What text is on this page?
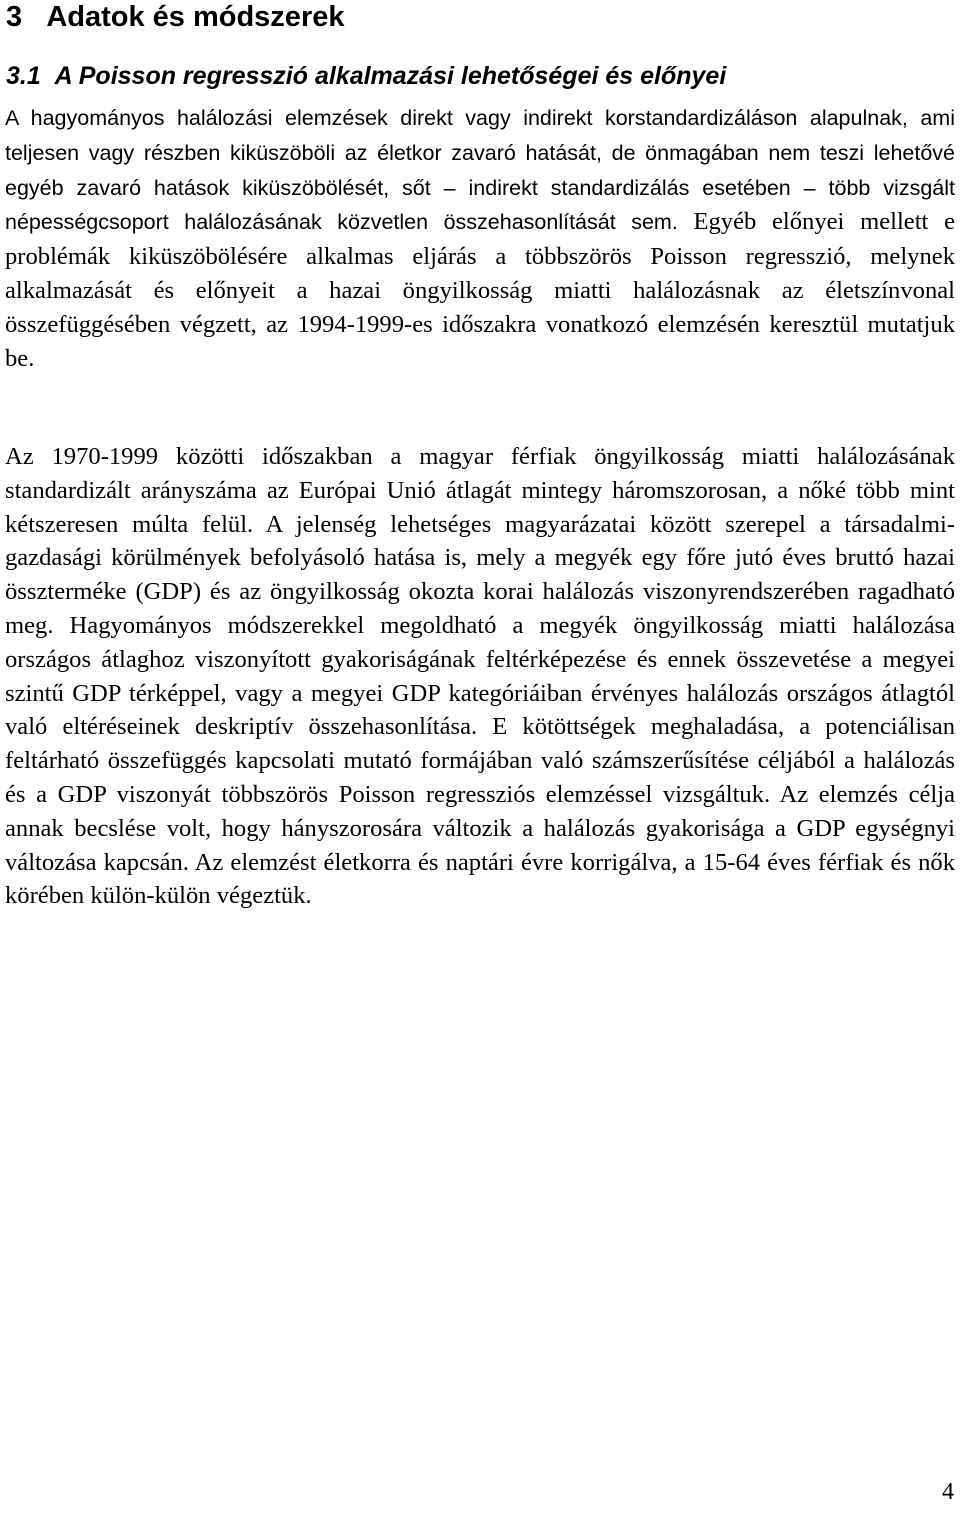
3 Adatok és módszerek
3.1 A Poisson regresszió alkalmazási lehetőségei és előnyei

A hagyományos halálozási elemzések direkt vagy indirekt korstandardizáláson alapulnak, ami teljesen vagy részben kiküszöböli az életkor zavaró hatását, de önmagában nem teszi lehetővé egyéb zavaró hatások kiküszöbölését, sőt – indirekt standardizálás esetében – több vizsgált népességcsoport halálozásának közvetlen összehasonlítását sem. Egyéb előnyei mellett e problémák kiküszöbölésére alkalmas eljárás a többszörös Poisson regresszió, melynek alkalmazását és előnyeit a hazai öngyilkosság miatti halálozásnak az életszínvonal összefüggésében végzett, az 1994-1999-es időszakra vonatkozó elemzésén keresztül mutatjuk be.

Az 1970-1999 közötti időszakban a magyar férfiak öngyilkosság miatti halálozásának standardizált arányszáma az Európai Unió átlagát mintegy háromszorosan, a nőké több mint kétszeresen múlta felül. A jelenség lehetséges magyarázatai között szerepel a társadalmi-gazdasági körülmények befolyásoló hatása is, mely a megyék egy főre jutó éves bruttó hazai összterméke (GDP) és az öngyilkosság okozta korai halálozás viszonyrendszerében ragadható meg. Hagyományos módszerekkel megoldható a megyék öngyilkosság miatti halálozása országos átlaghoz viszonyított gyakoriságának feltérképezése és ennek összevetése a megyei szintű GDP térképpel, vagy a megyei GDP kategóriáiban érvényes halálozás országos átlagtól való eltéréseinek deskriptív összehasonlítása. E kötöttségek meghaladása, a potenciálisan feltárható összefüggés kapcsolati mutató formájában való számszerűsítése céljából a halálozás és a GDP viszonyát többszörös Poisson regressziós elemzéssel vizsgáltuk. Az elemzés célja annak becslése volt, hogy hányszorosára változik a halálozás gyakorisága a GDP egységnyi változása kapcsán. Az elemzést életkorra és naptári évre korrigálva, a 15-64 éves férfiak és nők körében külön-külön végeztük.

4
